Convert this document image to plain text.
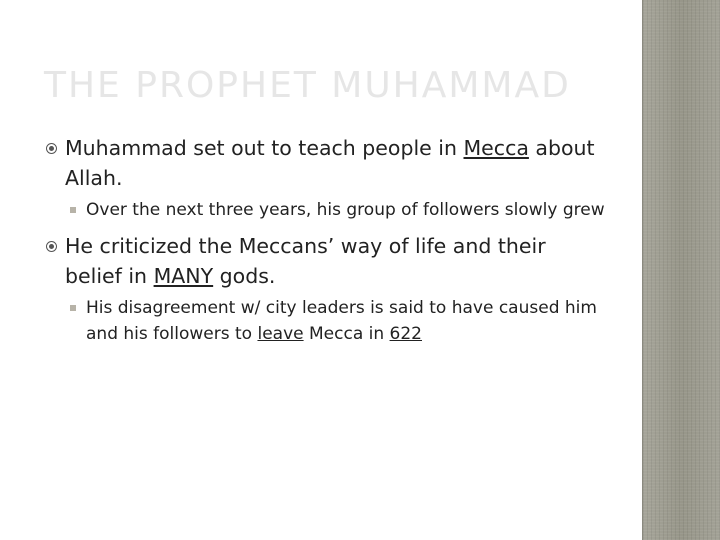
THE PROPHET MUHAMMAD
Muhammad set out to teach people in Mecca about Allah.
Over the next three years, his group of followers slowly grew
He criticized the Meccans’ way of life and their belief in MANY gods.
His disagreement w/ city leaders is said to have caused him and his followers to leave Mecca in 622
